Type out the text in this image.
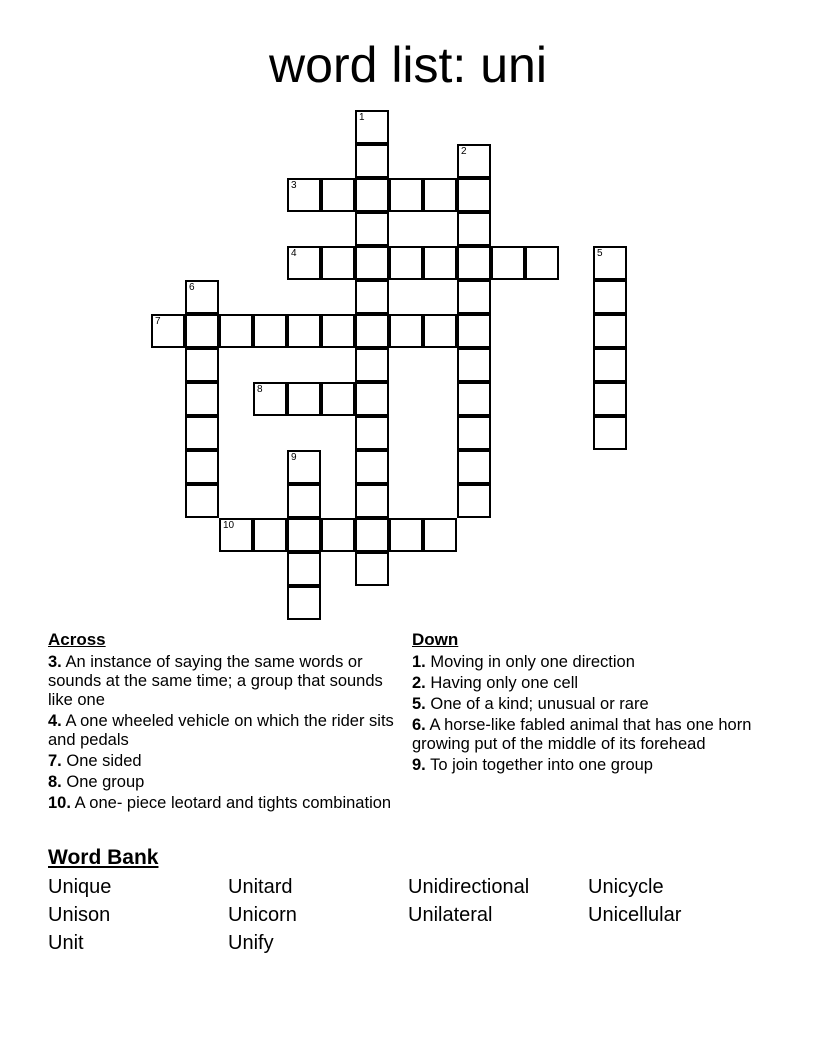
word list: uni
1
2
3
4	5
6
7
8
9
10
Across
3. An instance of saying the same words or sounds at the same time; a group that sounds like one
4. A one wheeled vehicle on which the rider sits and pedals
7. One sided
8. One group
10. A one- piece leotard and tights combination
Down
1. Moving in only one direction
2. Having only one cell
5. One of a kind; unusual or rare
6. A horse-like fabled animal that has one horn growing put of the middle of its forehead
9. To join together into one group
Word Bank
Unique	Unitard	Unidirectional	Unicycle
Unison	Unicorn	Unilateral	Unicellular
Unit	Unify
